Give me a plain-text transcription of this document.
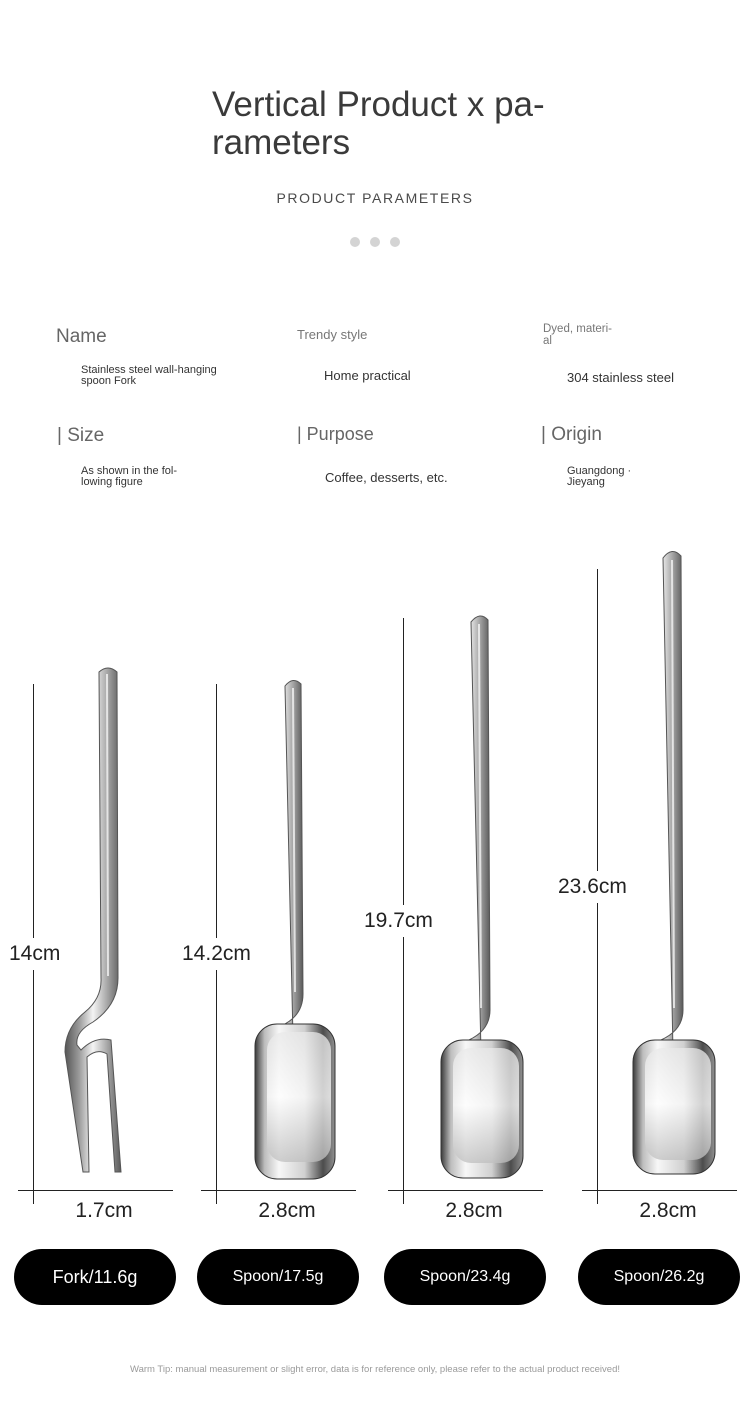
Vertical Product x pa- rameters
PRODUCT PARAMETERS
Name
Stainless steel wall-hanging spoon Fork
Trendy style
Home practical
Dyed, materi- al
304 stainless steel
| Size
As shown in the fol- lowing figure
| Purpose
Coffee, desserts, etc.
| Origin
Guangdong · Jieyang
14cm
1.7cm
Fork/11.6g
14.2cm
2.8cm
Spoon/17.5g
19.7cm
2.8cm
Spoon/23.4g
23.6cm
2.8cm
Spoon/26.2g
Warm Tip: manual measurement or slight error, data is for reference only, please refer to the actual product received!
